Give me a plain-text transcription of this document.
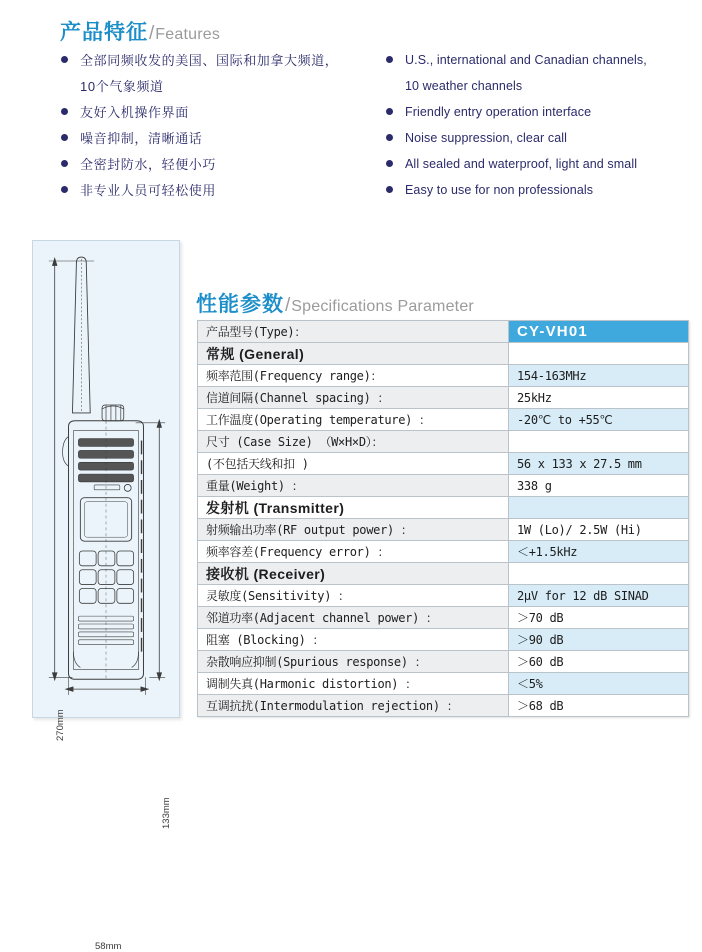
产品特征/Features
全部同频收发的美国、国际和加拿大频道，
10个气象频道
友好入机操作界面
噪音抑制，清晰通话
全密封防水，轻便小巧
非专业人员可轻松使用
U.S., international and Canadian channels,
10 weather channels
Friendly entry operation interface
Noise suppression, clear call
All sealed and waterproof, light and small
Easy to use for non professionals
270mm
133mm
58mm
性能参数/Specifications Parameter
产品型号(Type)：	CY-VH01
常规 (General)	
频率范围(Frequency range)：	154-163MHz
信道间隔(Channel spacing) ：	25kHz
工作温度(Operating temperature) ：	-20℃ to +55℃
尺寸 (Case Size) （W×H×D）：	
(不包括天线和扣 )	56 x 133 x 27.5 mm
重量(Weight) ：	338 g
发射机 (Transmitter)	
射频输出功率(RF output power) ：	1W (Lo)/ 2.5W (Hi)
频率容差(Frequency error) ：	＜+1.5kHz
接收机 (Receiver)	
灵敏度(Sensitivity) ：	2μV for 12 dB SINAD
邻道功率(Adjacent channel power) ：	＞70 dB
阻塞 (Blocking) ：	＞90 dB
杂散响应抑制(Spurious response) ：	＞60 dB
调制失真(Harmonic distortion) ：	＜5%
互调抗扰(Intermodulation rejection) ：	＞68 dB
